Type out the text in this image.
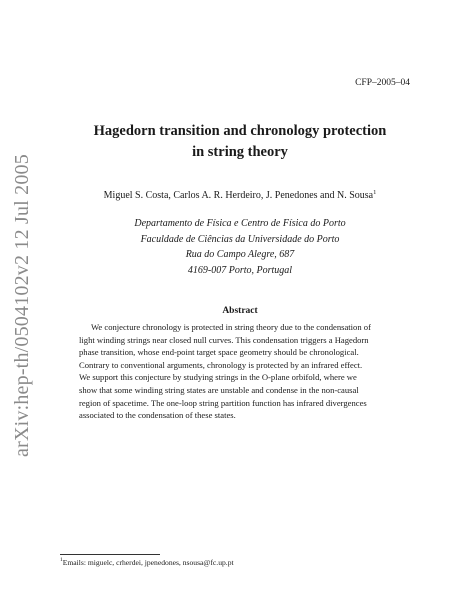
arXiv:hep-th/0504102v2 12 Jul 2005
CFP–2005–04
Hagedorn transition and chronology protection
in string theory
Miguel S. Costa, Carlos A. R. Herdeiro, J. Penedones and N. Sousa$^1$
Departamento de Física e Centro de Física do Porto
Faculdade de Ciências da Universidade do Porto
Rua do Campo Alegre, 687
4169-007 Porto, Portugal
Abstract
We conjecture chronology is protected in string theory due to the condensation of
light winding strings near closed null curves. This condensation triggers a Hagedorn
phase transition, whose end-point target space geometry should be chronological.
Contrary to conventional arguments, chronology is protected by an infrared effect.
We support this conjecture by studying strings in the O-plane orbifold, where we
show that some winding string states are unstable and condense in the non-causal
region of spacetime. The one-loop string partition function has infrared divergences
associated to the condensation of these states.
$^1$Emails: miguelc, crherdei, jpenedones, nsousa@fc.up.pt
